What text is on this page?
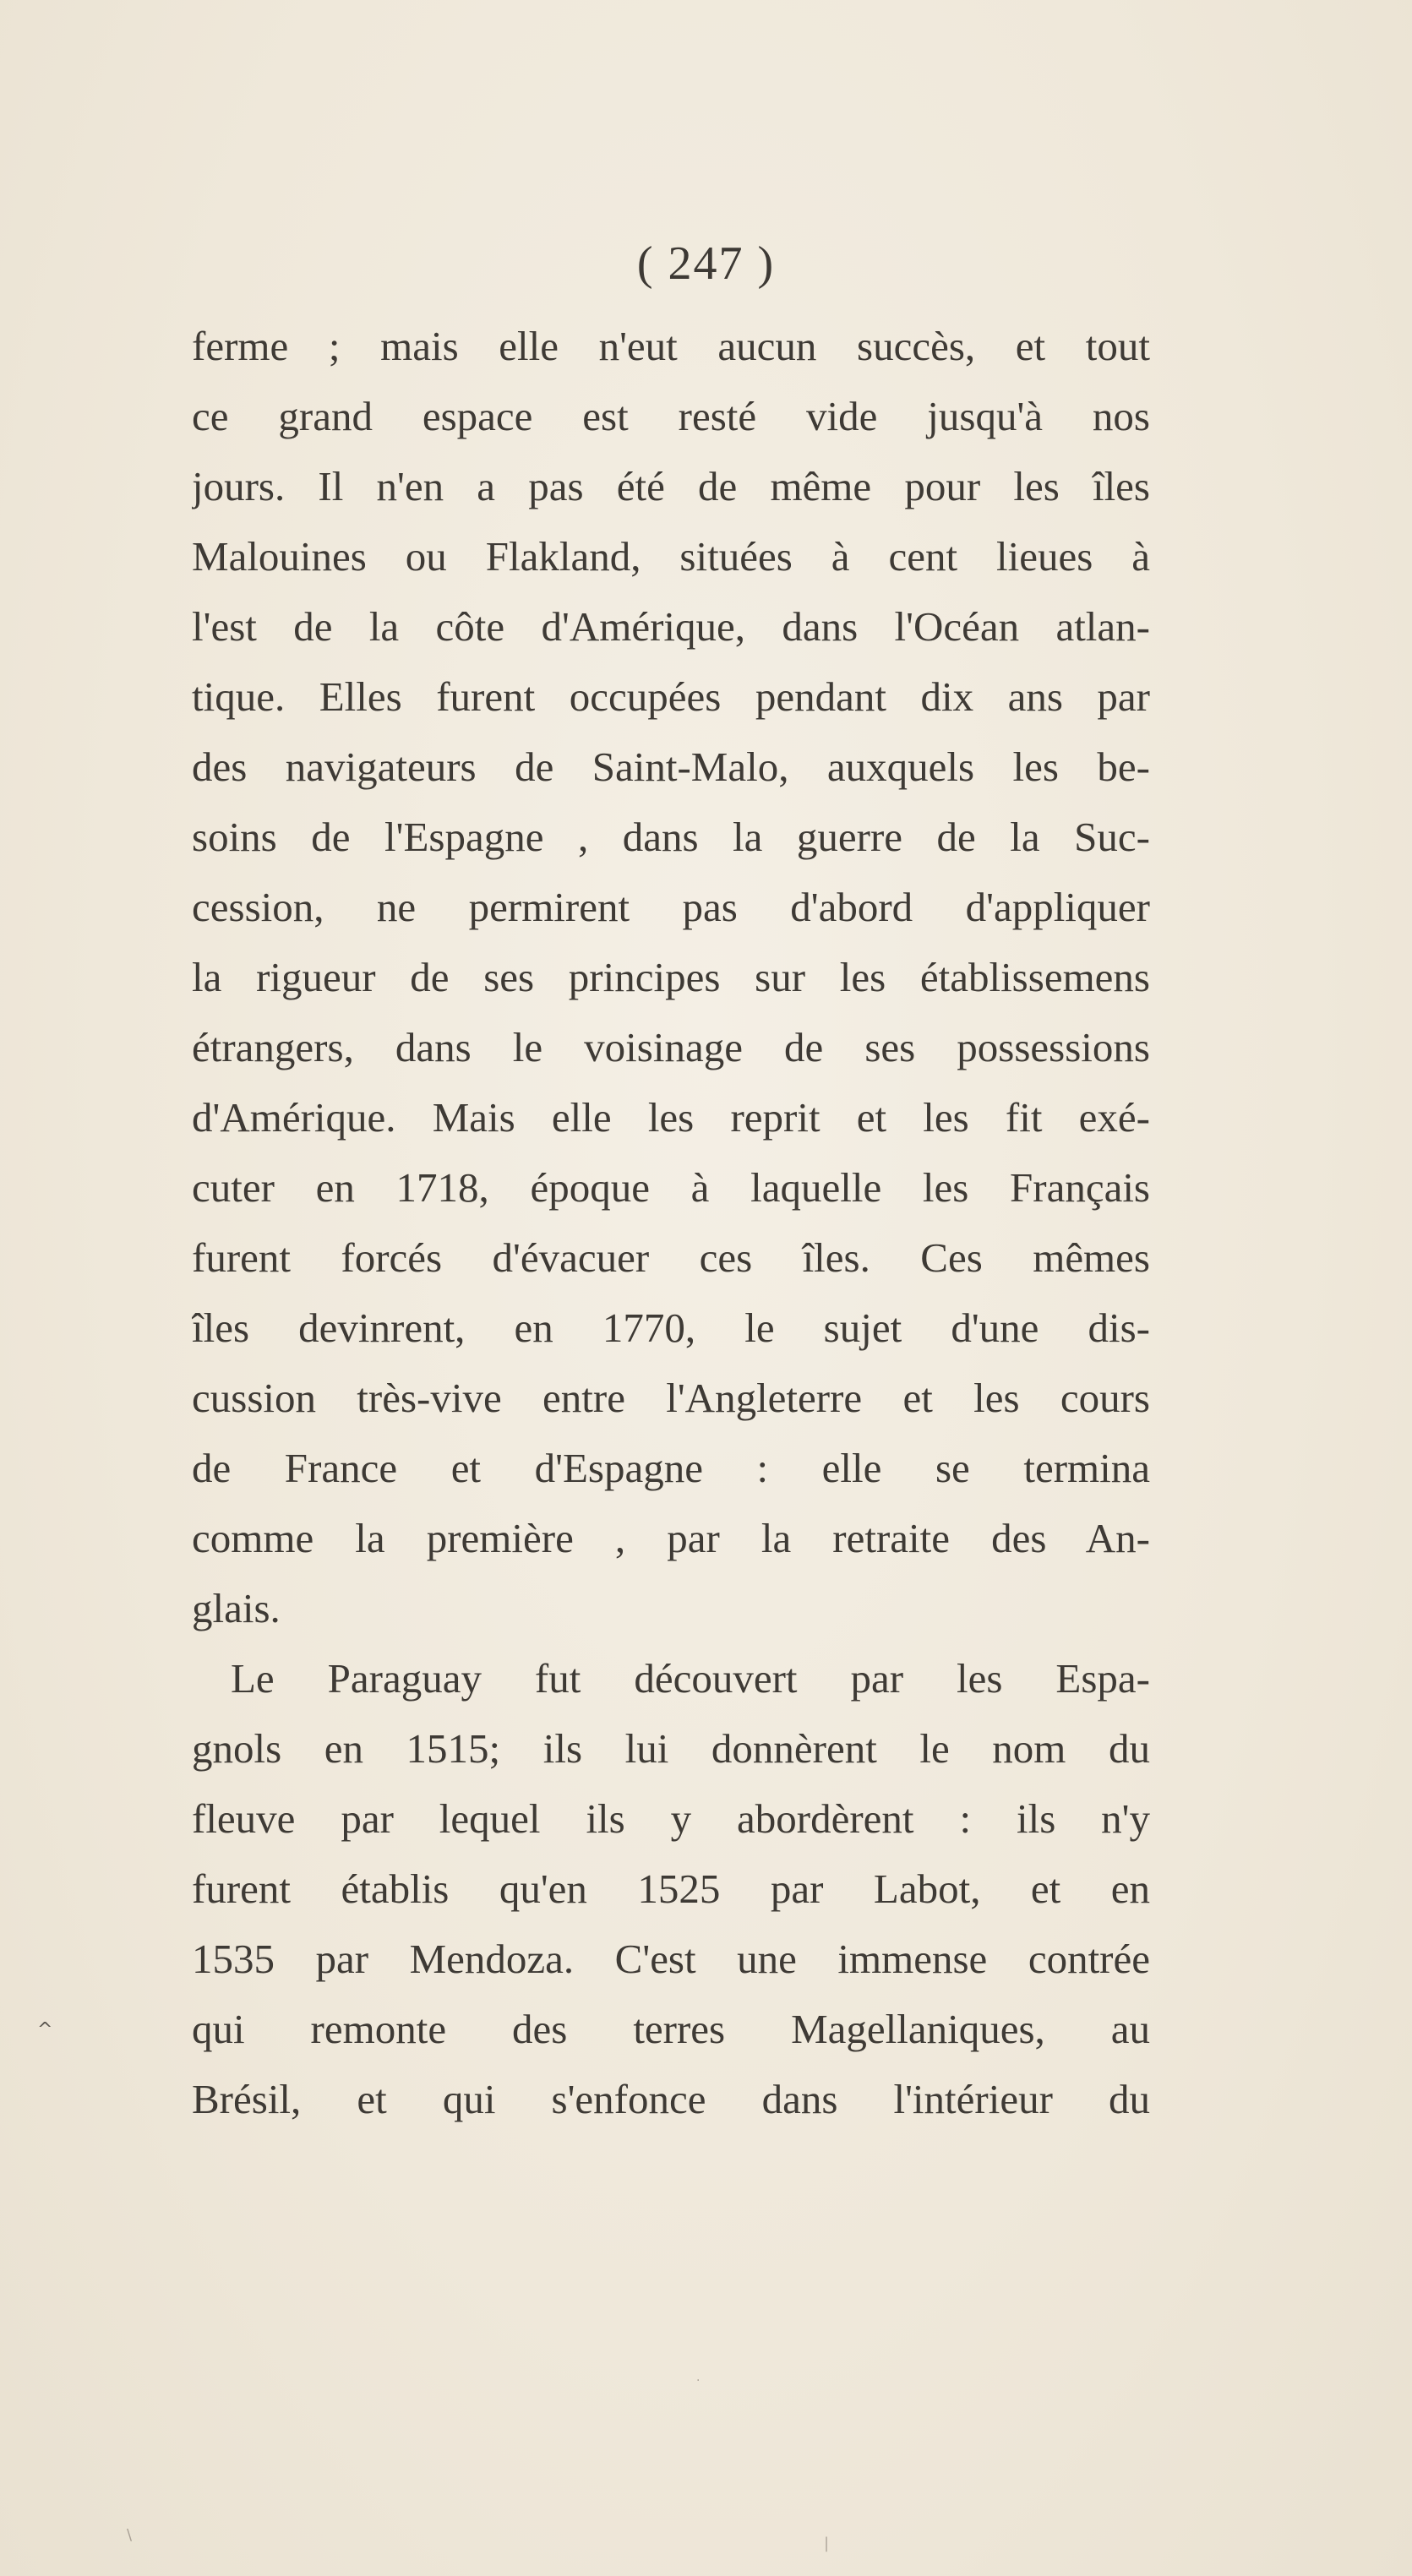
( 247 )
ferme ; mais elle n'eut aucun succès, et tout
ce grand espace est resté vide jusqu'à nos
jours. Il n'en a pas été de même pour les îles
Malouines ou Flakland, situées à cent lieues à
l'est de la côte d'Amérique, dans l'Océan atlan-
tique. Elles furent occupées pendant dix ans par
des navigateurs de Saint-Malo, auxquels les be-
soins de l'Espagne , dans la guerre de la Suc-
cession, ne permirent pas d'abord d'appliquer
la rigueur de ses principes sur les établissemens
étrangers, dans le voisinage de ses possessions
d'Amérique. Mais elle les reprit et les fit exé-
cuter en 1718, époque à laquelle les Français
furent forcés d'évacuer ces îles. Ces mêmes
îles devinrent, en 1770, le sujet d'une dis-
cussion très-vive entre l'Angleterre et les cours
de France et d'Espagne : elle se termina
comme la première , par la retraite des An-
glais.
Le Paraguay fut découvert par les Espa-
gnols en 1515; ils lui donnèrent le nom du
fleuve par lequel ils y abordèrent : ils n'y
furent établis qu'en 1525 par Labot, et en
1535 par Mendoza. C'est une immense contrée
qui remonte des terres Magellaniques, au
Brésil, et qui s'enfonce dans l'intérieur du
^
·
\	|
